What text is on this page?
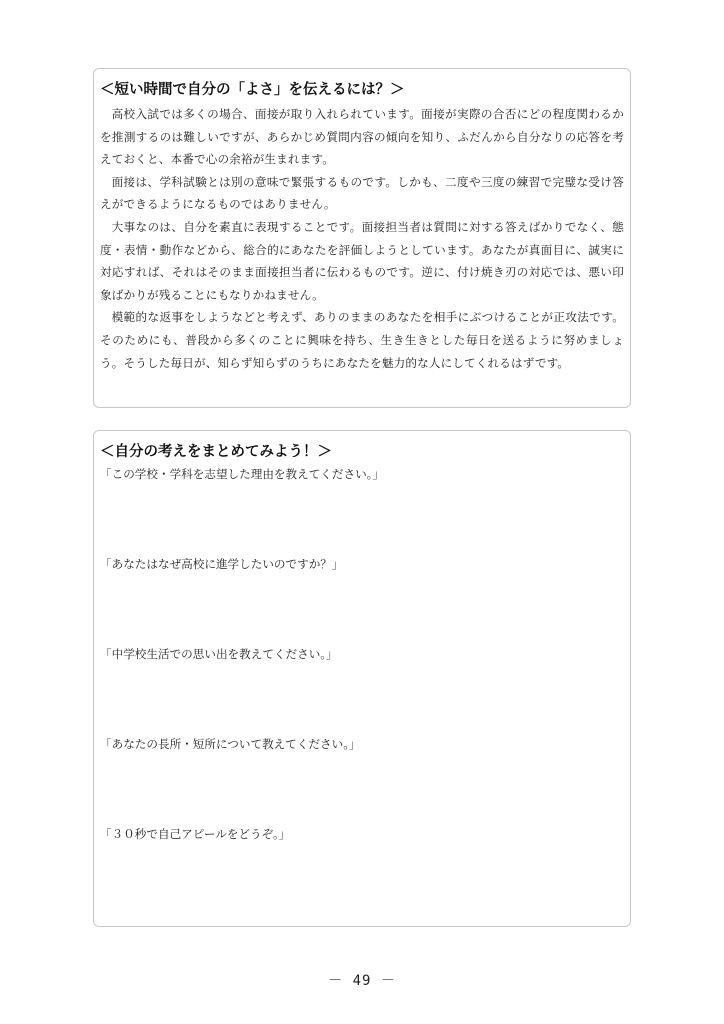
＜短い時間で自分の「よさ」を伝えるには？＞

高校入試では多くの場合、面接が取り入れられています。面接が実際の合否にどの程度関わるかを推測するのは難しいですが、あらかじめ質問内容の傾向を知り、ふだんから自分なりの応答を考えておくと、本番で心の余裕が生まれます。

面接は、学科試験とは別の意味で緊張するものです。しかも、二度や三度の練習で完璧な受け答えができるようになるものではありません。

大事なのは、自分を素直に表現することです。面接担当者は質問に対する答えばかりでなく、態度・表情・動作などから、総合的にあなたを評価しようとしています。あなたが真面目に、誠実に対応すれば、それはそのまま面接担当者に伝わるものです。逆に、付け焼き刃の対応では、悪い印象ばかりが残ることにもなりかねません。

模範的な返事をしようなどと考えず、ありのままのあなたを相手にぶつけることが正攻法です。そのためにも、普段から多くのことに興味を持ち、生き生きとした毎日を送るように努めましょう。そうした毎日が、知らず知らずのうちにあなたを魅力的な人にしてくれるはずです。

＜自分の考えをまとめてみよう！＞
「この学校・学科を志望した理由を教えてください。」
「あなたはなぜ高校に進学したいのですか？」
「中学校生活での思い出を教えてください。」
「あなたの長所・短所について教えてください。」
「３０秒で自己アピールをどうぞ。」
－ 49 －
